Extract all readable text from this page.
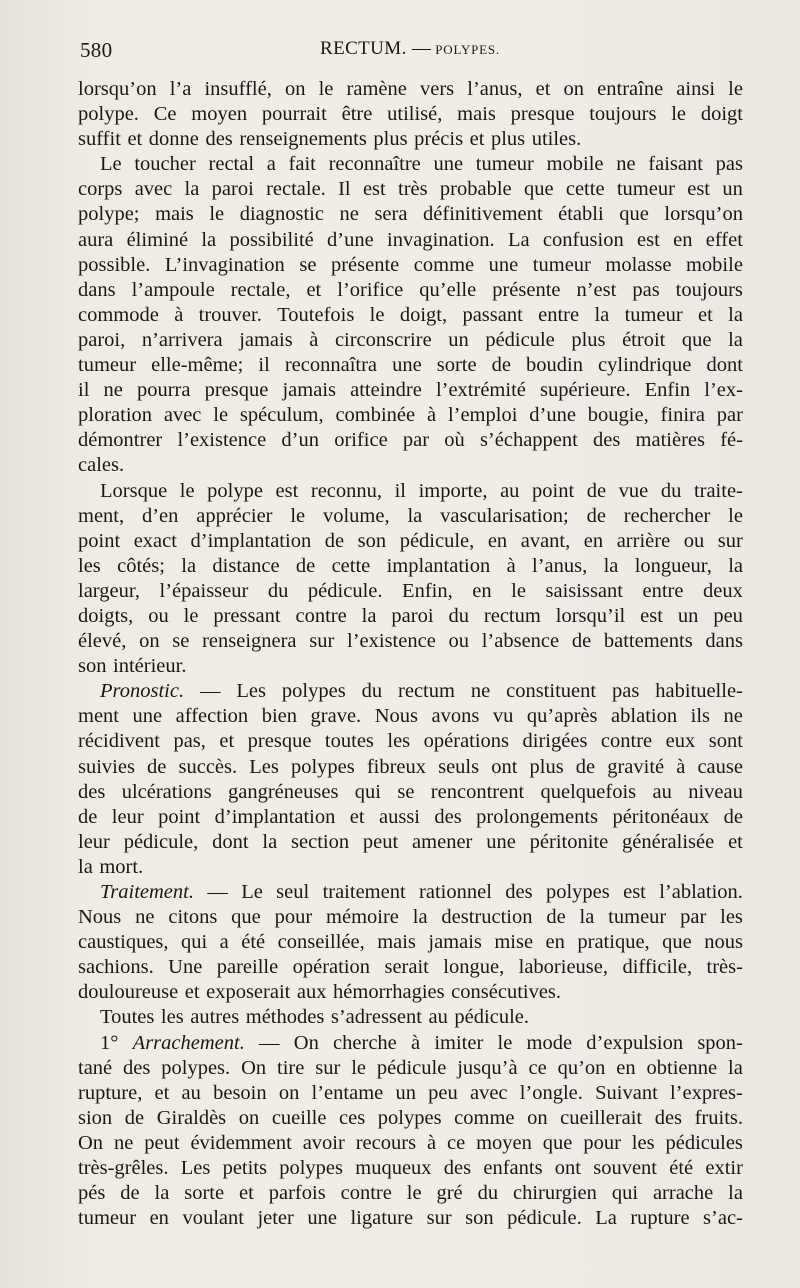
580	RECTUM. — POLYPES.
lorsqu’on l’a insufflé, on le ramène vers l’anus, et on entraîne ainsi le
polype. Ce moyen pourrait être utilisé, mais presque toujours le doigt
suffit et donne des renseignements plus précis et plus utiles.
Le toucher rectal a fait reconnaître une tumeur mobile ne faisant pas
corps avec la paroi rectale. Il est très probable que cette tumeur est un
polype; mais le diagnostic ne sera définitivement établi que lorsqu’on
aura éliminé la possibilité d’une invagination. La confusion est en effet
possible. L’invagination se présente comme une tumeur molasse mobile
dans l’ampoule rectale, et l’orifice qu’elle présente n’est pas toujours
commode à trouver. Toutefois le doigt, passant entre la tumeur et la
paroi, n’arrivera jamais à circonscrire un pédicule plus étroit que la
tumeur elle-même; il reconnaîtra une sorte de boudin cylindrique dont
il ne pourra presque jamais atteindre l’extrémité supérieure. Enfin l’ex-
ploration avec le spéculum, combinée à l’emploi d’une bougie, finira par
démontrer l’existence d’un orifice par où s’échappent des matières fé-
cales.
Lorsque le polype est reconnu, il importe, au point de vue du traite-
ment, d’en apprécier le volume, la vascularisation; de rechercher le
point exact d’implantation de son pédicule, en avant, en arrière ou sur
les côtés; la distance de cette implantation à l’anus, la longueur, la
largeur, l’épaisseur du pédicule. Enfin, en le saisissant entre deux
doigts, ou le pressant contre la paroi du rectum lorsqu’il est un peu
élevé, on se renseignera sur l’existence ou l’absence de battements dans
son intérieur.
Pronostic. — Les polypes du rectum ne constituent pas habituelle-
ment une affection bien grave. Nous avons vu qu’après ablation ils ne
récidivent pas, et presque toutes les opérations dirigées contre eux sont
suivies de succès. Les polypes fibreux seuls ont plus de gravité à cause
des ulcérations gangréneuses qui se rencontrent quelquefois au niveau
de leur point d’implantation et aussi des prolongements péritonéaux de
leur pédicule, dont la section peut amener une péritonite généralisée et
la mort.
Traitement. — Le seul traitement rationnel des polypes est l’ablation.
Nous ne citons que pour mémoire la destruction de la tumeur par les
caustiques, qui a été conseillée, mais jamais mise en pratique, que nous
sachions. Une pareille opération serait longue, laborieuse, difficile, très-
douloureuse et exposerait aux hémorrhagies consécutives.
Toutes les autres méthodes s’adressent au pédicule.
1° Arrachement. — On cherche à imiter le mode d’expulsion spon-
tané des polypes. On tire sur le pédicule jusqu’à ce qu’on en obtienne la
rupture, et au besoin on l’entame un peu avec l’ongle. Suivant l’expres-
sion de Giraldès on cueille ces polypes comme on cueillerait des fruits.
On ne peut évidemment avoir recours à ce moyen que pour les pédicules
très-grêles. Les petits polypes muqueux des enfants ont souvent été extir
pés de la sorte et parfois contre le gré du chirurgien qui arrache la
tumeur en voulant jeter une ligature sur son pédicule. La rupture s’ac-
